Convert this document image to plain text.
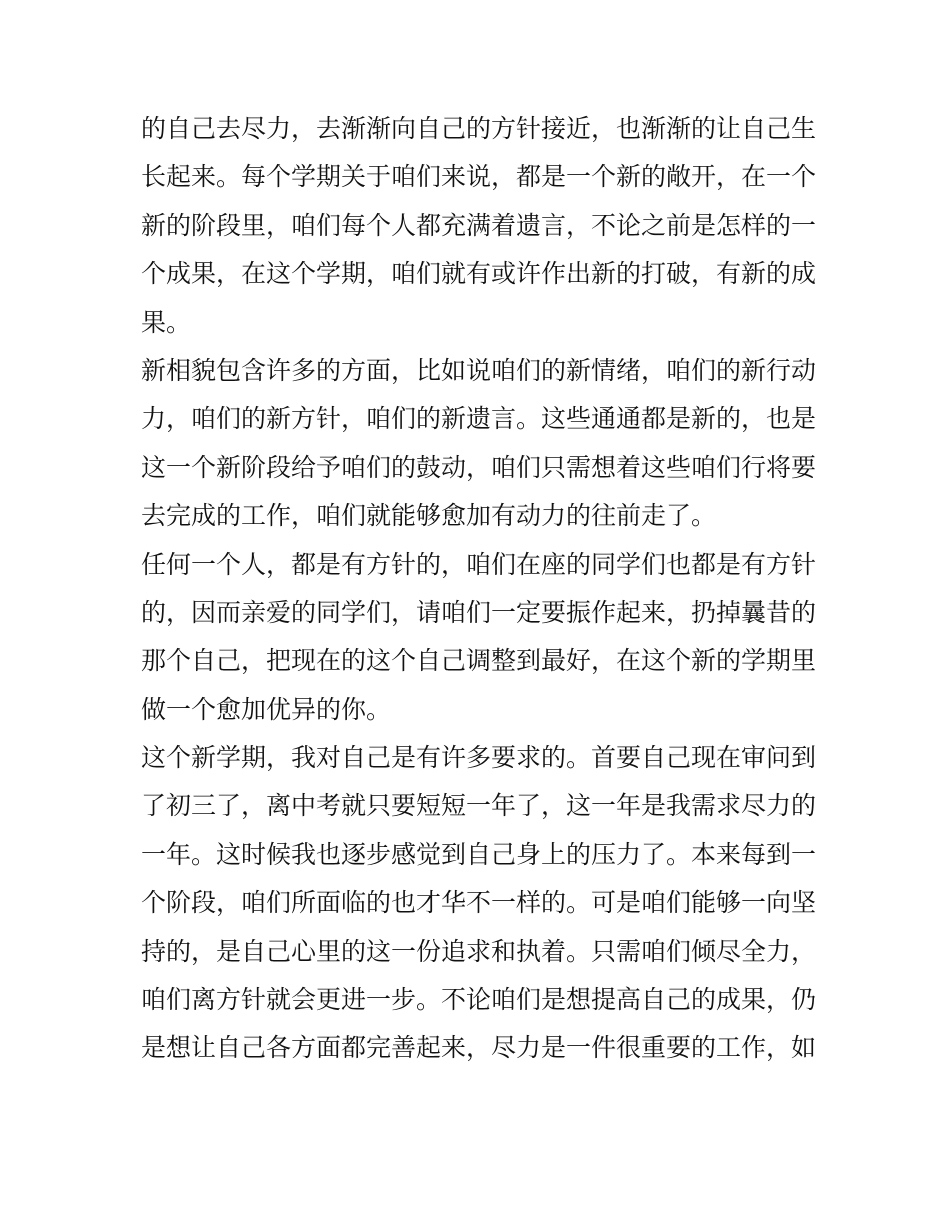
的自己去尽力，去渐渐向自己的方针接近，也渐渐的让自己生
长起来。每个学期关于咱们来说，都是一个新的敞开，在一个
新的阶段里，咱们每个人都充满着遗言，不论之前是怎样的一
个成果，在这个学期，咱们就有或许作出新的打破，有新的成
果。
新相貌包含许多的方面，比如说咱们的新情绪，咱们的新行动
力，咱们的新方针，咱们的新遗言。这些通通都是新的，也是
这一个新阶段给予咱们的鼓动，咱们只需想着这些咱们行将要
去完成的工作，咱们就能够愈加有动力的往前走了。
任何一个人，都是有方针的，咱们在座的同学们也都是有方针
的，因而亲爱的同学们，请咱们一定要振作起来，扔掉曩昔的
那个自己，把现在的这个自己调整到最好，在这个新的学期里
做一个愈加优异的你。
这个新学期，我对自己是有许多要求的。首要自己现在审问到
了初三了，离中考就只要短短一年了，这一年是我需求尽力的
一年。这时候我也逐步感觉到自己身上的压力了。本来每到一
个阶段，咱们所面临的也才华不一样的。可是咱们能够一向坚
持的，是自己心里的这一份追求和执着。只需咱们倾尽全力，
咱们离方针就会更进一步。不论咱们是想提高自己的成果，仍
是想让自己各方面都完善起来，尽力是一件很重要的工作，如
